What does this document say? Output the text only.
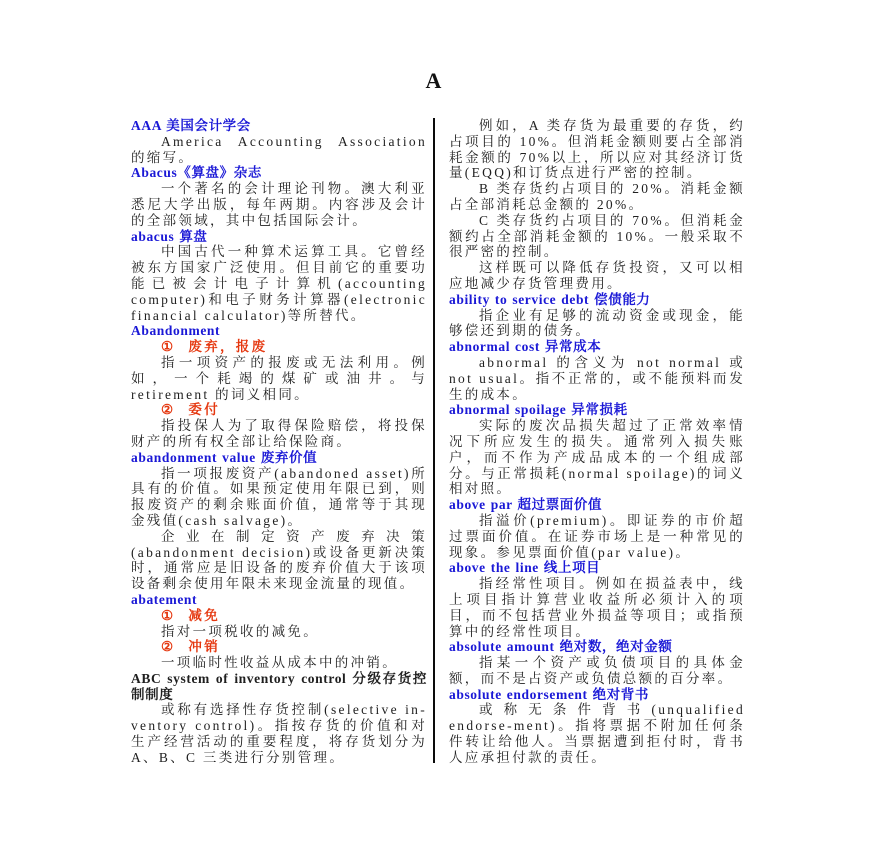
A
AAA 美国会计学会
America Accounting Association 的缩写。
Abacus《算盘》杂志
一个著名的会计理论刊物。澳大利亚悉尼大学出版，每年两期。内容涉及会计的全部领域，其中包括国际会计。
abacus 算盘
中国古代一种算术运算工具。它曾经被东方国家广泛使用。但目前它的重要功能已被会计电子计算机(accounting computer)和电子财务计算器(electronic financial calculator)等所替代。
Abandonment
① 废弃，报废
指一项资产的报废或无法利用。例如，一个耗竭的煤矿或油井。与 retirement 的词义相同。
② 委付
指投保人为了取得保险赔偿，将投保财产的所有权全部让给保险商。
abandonment value 废弃价值
指一项报废资产(abandoned asset)所具有的价值。如果预定使用年限已到，则报废资产的剩余账面价值，通常等于其现金残值(cash salvage)。
企业在制定资产废弃决策(abandonment decision)或设备更新决策时，通常应是旧设备的废弃价值大于该项设备剩余使用年限未来现金流量的现值。
abatement
① 减免
指对一项税收的减免。
② 冲销
一项临时性收益从成本中的冲销。
ABC system of inventory control 分级存货控制制度
或称有选择性存货控制(selective in-ventory control)。指按存货的价值和对生产经营活动的重要程度，将存货划分为 A、B、C 三类进行分别管理。
例如，A 类存货为最重要的存货，约占项目的 10%。但消耗金额则要占全部消耗金额的 70%以上，所以应对其经济订货量(EQQ)和订货点进行严密的控制。
B 类存货约占项目的 20%。消耗金额占全部消耗总金额的 20%。
C 类存货约占项目的 70%。但消耗金额约占全部消耗金额的 10%。一般采取不很严密的控制。
这样既可以降低存货投资，又可以相应地减少存货管理费用。
ability to service debt 偿债能力
指企业有足够的流动资金或现金，能够偿还到期的债务。
abnormal cost 异常成本
abnormal 的含义为 not normal 或 not usual。指不正常的，或不能预料而发生的成本。
abnormal spoilage 异常损耗
实际的废次品损失超过了正常效率情况下所应发生的损失。通常列入损失账户，而不作为产成品成本的一个组成部分。与正常损耗(normal spoilage)的词义相对照。
above par 超过票面价值
指溢价(premium)。即证券的市价超过票面价值。在证券市场上是一种常见的现象。参见票面价值(par value)。
above the line 线上项目
指经常性项目。例如在损益表中，线上项目指计算营业收益所必须计入的项目，而不包括营业外损益等项目；或指预算中的经常性项目。
absolute amount 绝对数，绝对金额
指某一个资产或负债项目的具体金额，而不是占资产或负债总额的百分率。
absolute endorsement 绝对背书
或称无条件背书(unqualified endorse-ment)。指将票据不附加任何条件转让给他人。当票据遭到拒付时，背书人应承担付款的责任。
